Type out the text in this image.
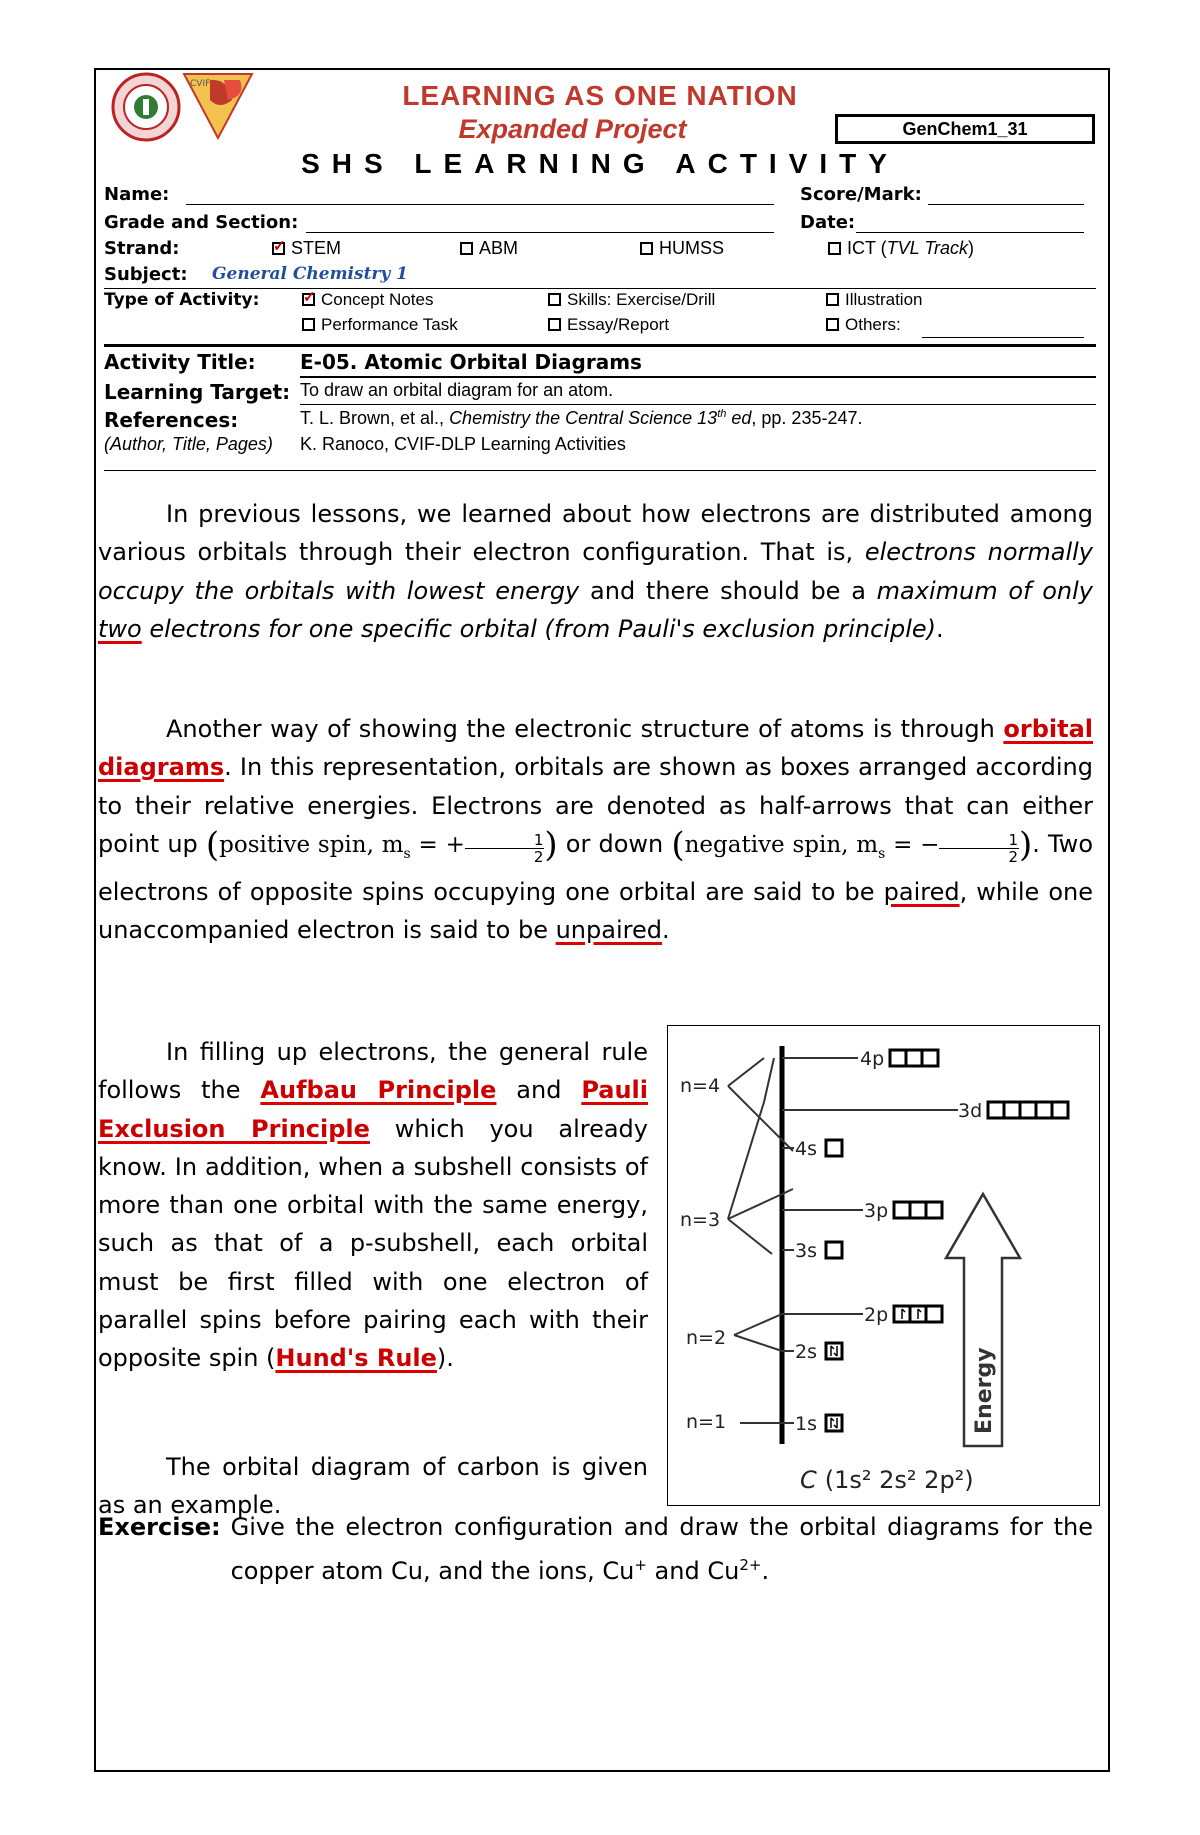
CVIF	LEARNING AS ONE NATION
Expanded Project	GenChem1_31
SHS LEARNING ACTIVITY
Name:	Score/Mark:
Grade and Section:	Date:
Strand: ✓	STEM	ABM	HUMSS	ICT (TVL Track)
Subject: General Chemistry 1
Type of Activity: ✓	Concept Notes	Skills: Exercise/Drill	Illustration
Performance Task	Essay/Report	Others:
Activity Title: E-05. Atomic Orbital Diagrams
Learning Target: To draw an orbital diagram for an atom.
References:	T. L. Brown, et al., Chemistry the Central Science 13th ed, pp. 235-247.
(Author, Title, Pages) K. Ranoco, CVIF-DLP Learning Activities

In previous lessons, we learned about how electrons are distributed among various orbitals through their electron configuration. That is, electrons normally occupy the orbitals with lowest energy and there should be a maximum of only two electrons for one specific orbital (from Pauli's exclusion principle).

Another way of showing the electronic structure of atoms is through orbital diagrams. In this representation, orbitals are shown as boxes arranged according to their relative energies. Electrons are denoted as half-arrows that can either point up (positive spin, $m_s$ = + $\frac{1}{2}$ ) or down (negative spin, $m_s$ = − $\frac{1}{2}$ ). Two electrons of opposite spins occupying one orbital are said to be paired, while one unaccompanied electron is said to be unpaired.

In filling up electrons, the general rule follows the Aufbau Principle and Pauli Exclusion Principle which you already know. In addition, when a subshell consists of more than one orbital with the same energy, such as that of a p-subshell, each orbital must be first filled with one electron of parallel spins before pairing each with their opposite spin (Hund's Rule).

The orbital diagram of carbon is given as an example.

n=4
n=3
n=2
n=1
4p
3d
4s
3p
3s
2p
2s
1s	Energy
C (1s² 2s² 2p²)
Exercise: Give the electron configuration and draw the orbital diagrams for the copper atom Cu, and the ions, Cu+ and $Cu^{2+}$.
